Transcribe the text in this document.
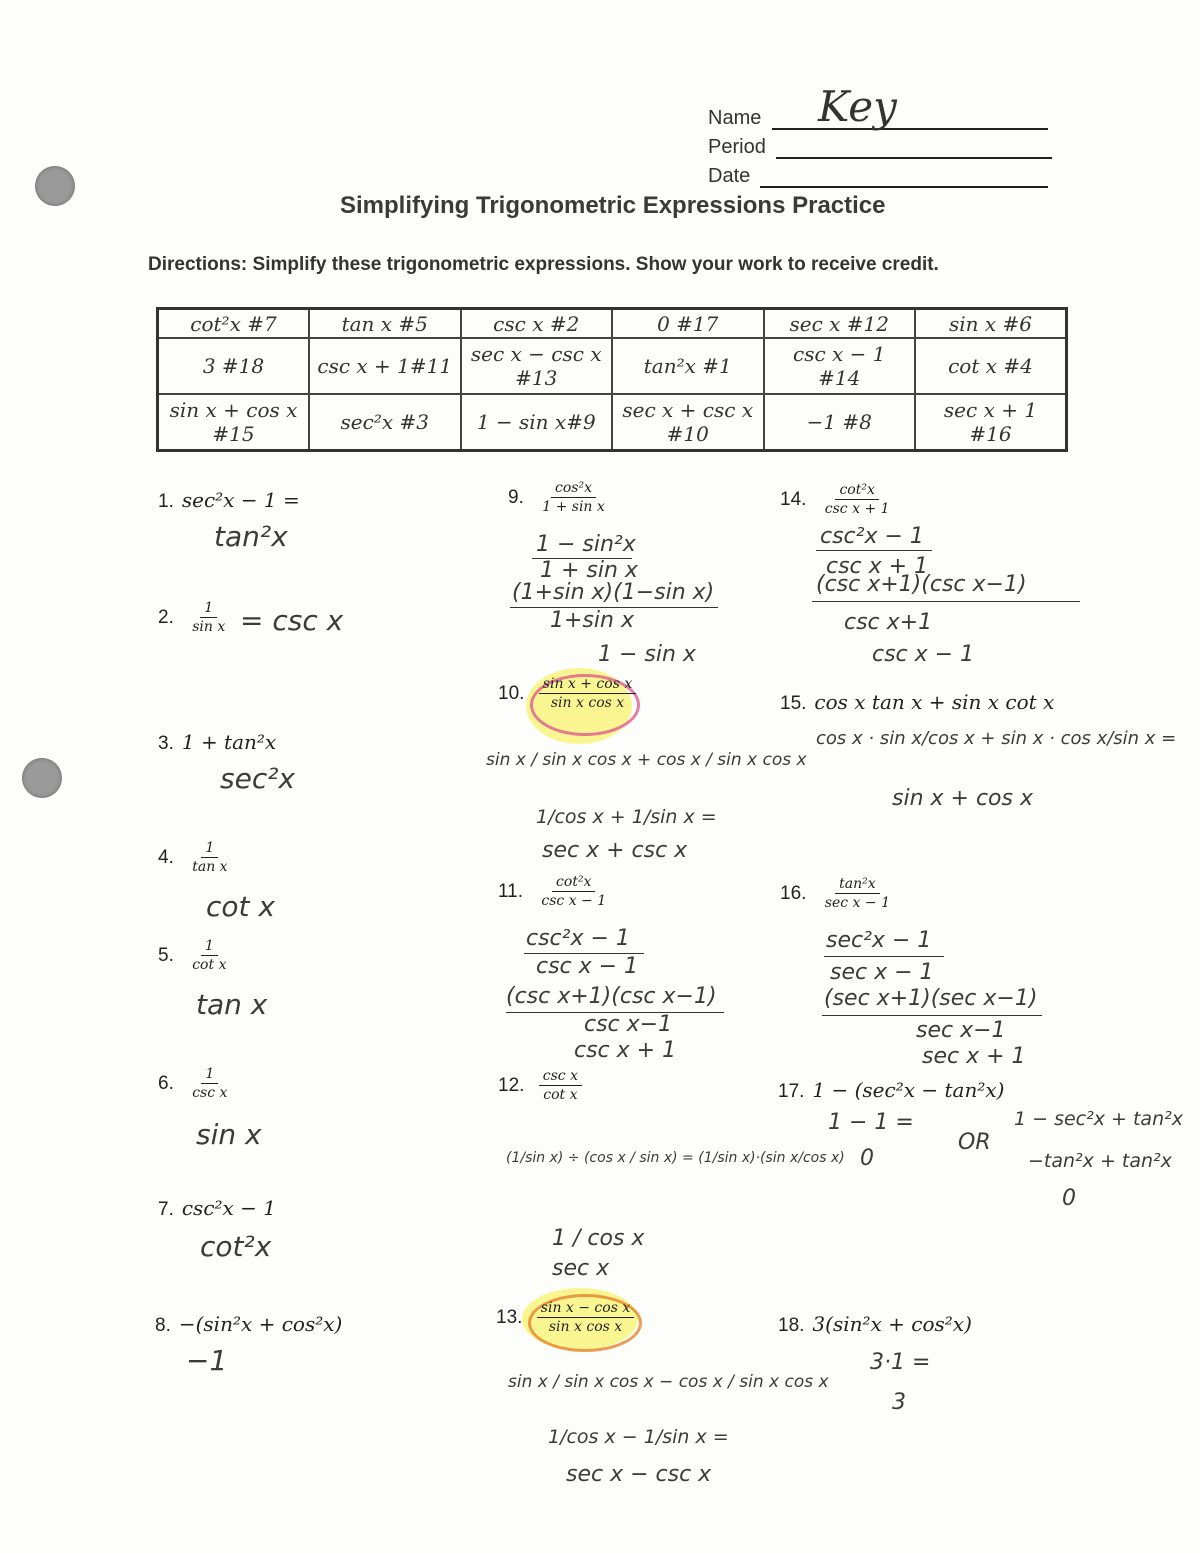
Name Key
Period
Date
Simplifying Trigonometric Expressions Practice
Directions: Simplify these trigonometric expressions. Show your work to receive credit.
cot²x #7	tan x #5	csc x #2	0 #17	sec x #12	sin x #6
3 #18	csc x + 1#11	sec x − csc x #13	tan²x #1	csc x − 1 #14	cot x #4
sin x + cos x #15	sec²x #3	1 − sin x#9	sec x + csc x #10	−1 #8	sec x + 1 #16
1. sec²x − 1 =
tan²x
2. $\frac{1}{\text{sin x}} = \csc x$
3. 1 + tan²x
sec²x
4. $\frac{1}{\text{tan x}}$
cot x
5. $\frac{1}{\text{cot x}}$
tan x
6. $\frac{1}{\text{csc x}}$
sin x
7. csc²x − 1
cot²x
8. −(sin²x + cos²x)
−1
9. $\frac{\text{cos²x}}{\text{1 + sin x}}$
1 − sin²x
1 + sin x
(1+sin x)(1−sin x)
1+sin x
1 − sin x
10. $\frac{\text{sin x + cos x}}{\text{sin x cos x}}$
sin x / sin x cos x + cos x / sin x cos x
1/cos x + 1/sin x =
sec x + csc x
11. $\frac{\text{cot²x}}{\text{csc x − 1}}$
csc²x − 1
csc x − 1
(csc x+1)(csc x−1)
csc x−1
csc x + 1
12. $\frac{\text{csc x}}{\text{cot x}}$
(1/sin x) ÷ (cos x / sin x) = (1/sin x)·(sin x/cos x)
1 / cos x
sec x
13. $\frac{\text{sin x − cos x}}{\text{sin x cos x}}$
sin x / sin x cos x − cos x / sin x cos x
1/cos x − 1/sin x =
sec x − csc x
14. $\frac{\text{cot²x}}{\text{csc x + 1}}$
csc²x − 1
csc x + 1
(csc x+1)(csc x−1)
csc x+1
csc x − 1
15. cos x tan x + sin x cot x
cos x · sin x/cos x + sin x · cos x/sin x =
sin x + cos x
16. $\frac{\text{tan²x}}{\text{sec x − 1}}$
sec²x − 1
sec x − 1
(sec x+1)(sec x−1)
sec x−1
sec x + 1
17. 1 − (sec²x − tan²x)
1 − 1 =
0
OR
1 − sec²x + tan²x
−tan²x + tan²x
0
18. 3(sin²x + cos²x)
3·1 =
3
